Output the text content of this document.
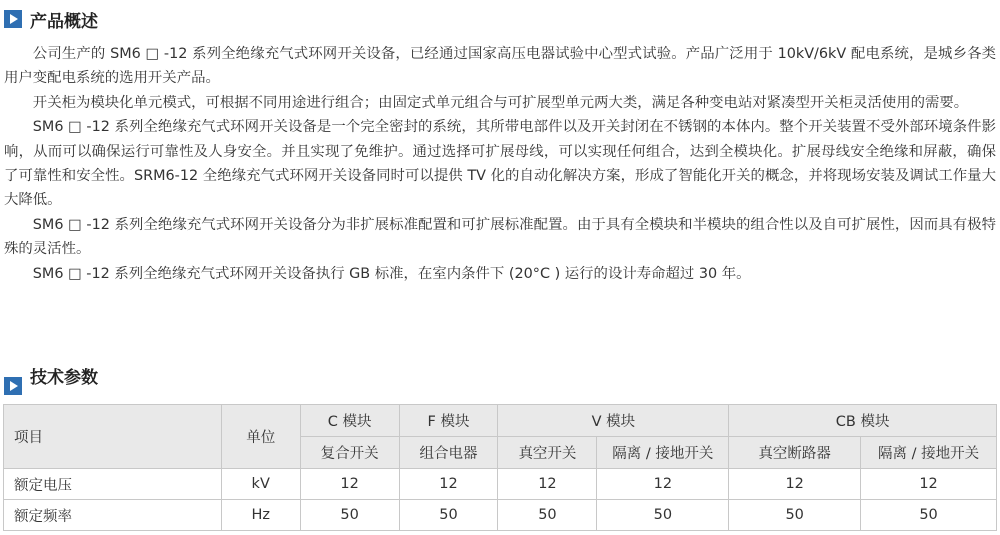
产品概述

公司生产的 SM6 □ -12 系列全绝缘充气式环网开关设备，已经通过国家高压电器试验中心型式试验。产品广泛用于 10kV/6kV 配电系统，是城乡各类用户变配电系统的选用开关产品。

开关柜为模块化单元模式，可根据不同用途进行组合；由固定式单元组合与可扩展型单元两大类，满足各种变电站对紧凑型开关柜灵活使用的需要。

SM6 □ -12 系列全绝缘充气式环网开关设备是一个完全密封的系统，其所带电部件以及开关封闭在不锈钢的本体内。整个开关装置不受外部环境条件影响，从而可以确保运行可靠性及人身安全。并且实现了免维护。通过选择可扩展母线，可以实现任何组合，达到全模块化。扩展母线安全绝缘和屏蔽，确保了可靠性和安全性。SRM6-12 全绝缘充气式环网开关设备同时可以提供 TV 化的自动化解决方案，形成了智能化开关的概念，并将现场安装及调试工作量大大降低。

SM6 □ -12 系列全绝缘充气式环网开关设备分为非扩展标准配置和可扩展标准配置。由于具有全模块和半模块的组合性以及自可扩展性，因而具有极特殊的灵活性。

SM6 □ -12 系列全绝缘充气式环网开关设备执行 GB 标准，在室内条件下 (20°C ) 运行的设计寿命超过 30 年。

技术参数
项目	单位	C 模块	F 模块	V 模块		CB 模块	
		复合开关	组合电器	真空开关	隔离 / 接地开关	真空断路器	隔离 / 接地开关
额定电压	kV	12	12	12	12	12	12
额定频率	Hz	50	50	50	50	50	50
